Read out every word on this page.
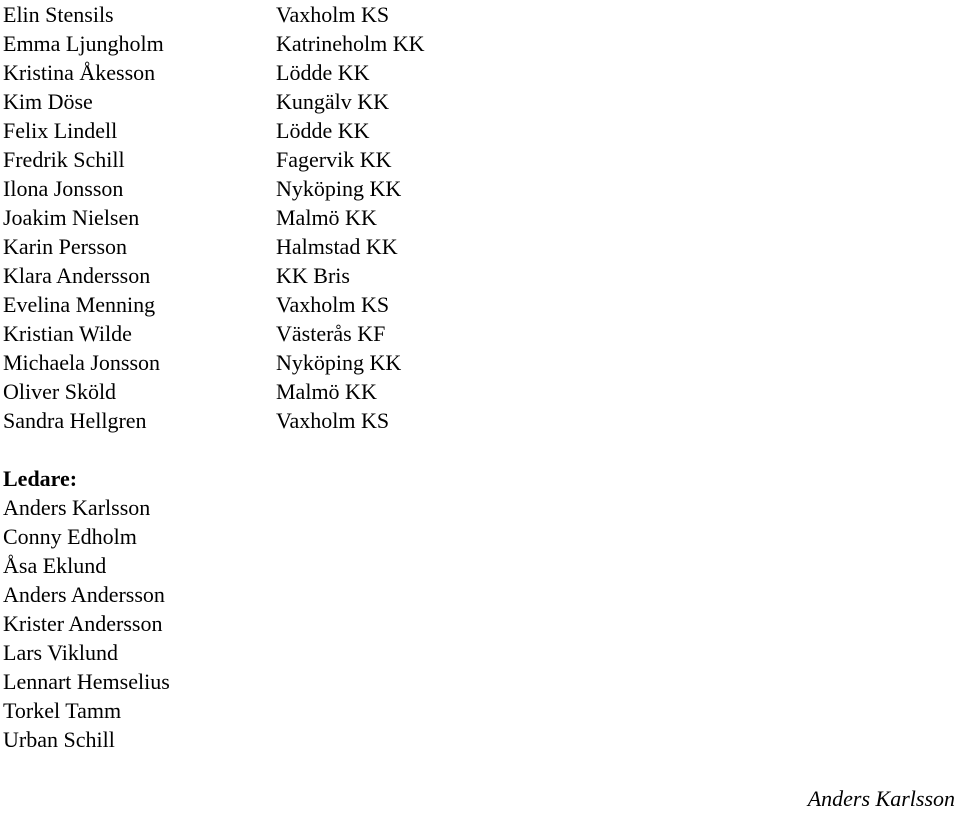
Elin Stensils	Vaxholm KS
Emma Ljungholm	Katrineholm KK
Kristina Åkesson	Lödde KK
Kim Döse	Kungälv KK
Felix Lindell	Lödde KK
Fredrik Schill	Fagervik KK
Ilona Jonsson	Nyköping KK
Joakim Nielsen	Malmö KK
Karin Persson	Halmstad KK
Klara Andersson	KK Bris
Evelina Menning	Vaxholm KS
Kristian Wilde	Västerås KF
Michaela Jonsson	Nyköping KK
Oliver Sköld	Malmö KK
Sandra Hellgren	Vaxholm KS
Ledare:
Anders Karlsson
Conny Edholm
Åsa Eklund
Anders Andersson
Krister Andersson
Lars Viklund
Lennart Hemselius
Torkel Tamm
Urban Schill
Anders Karlsson
